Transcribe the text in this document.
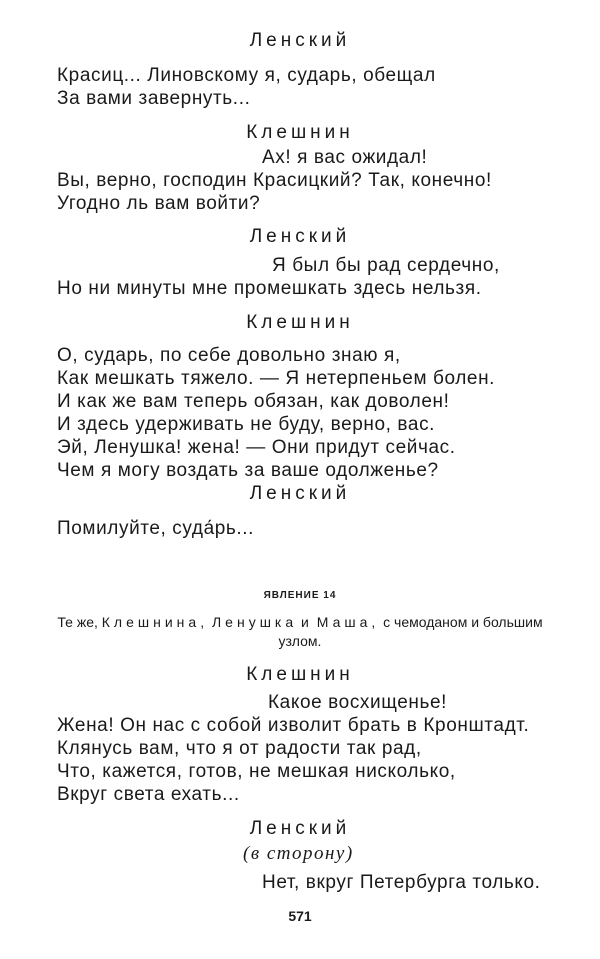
Ленский
Красиц... Линовскому я, сударь, обещал
За вами завернуть...
Клешнин
Ах! я вас ожидал!
Вы, верно, господин Красицкий? Так, конечно!
Угодно ль вам войти?
Ленский
Я был бы рад сердечно,
Но ни минуты мне промешкать здесь нельзя.
Клешнин
О, сударь, по себе довольно знаю я,
Как мешкать тяжело. — Я нетерпеньем болен.
И как же вам теперь обязан, как доволен!
И здесь удерживать не буду, верно, вас.
Эй, Ленушка! жена! — Они придут сейчас.
Чем я могу воздать за ваше одолженье?
Ленский
Помилуйте, суда́рь...
ЯВЛЕНИЕ 14
Те же, Клешнина, Ленушка и Маша, с чемоданом и большим узлом.
Клешнин
Какое восхищенье!
Жена! Он нас с собой изволит брать в Кронштадт.
Клянусь вам, что я от радости так рад,
Что, кажется, готов, не мешкая нисколько,
Вкруг света ехать...
Ленский
(в сторону)
Нет, вкруг Петербурга только.
571
